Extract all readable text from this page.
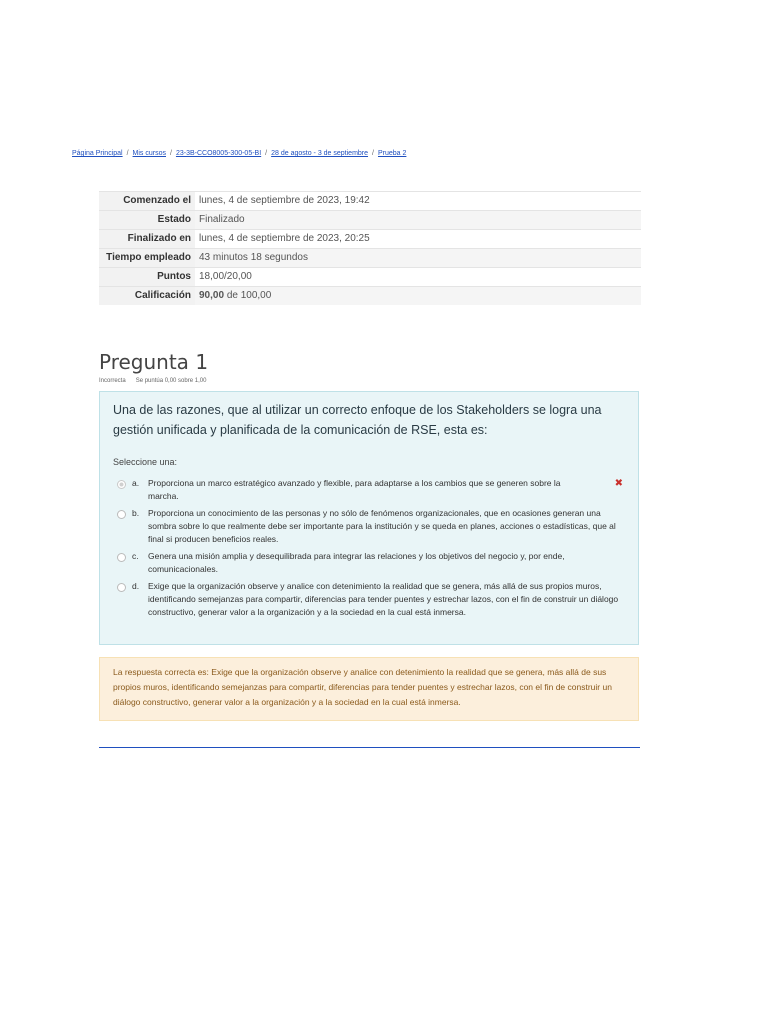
Página Principal / Mis cursos / 23-3B-CCO8005-300-05-BI / 28 de agosto - 3 de septiembre / Prueba 2
Comenzado el	lunes, 4 de septiembre de 2023, 19:42
Estado	Finalizado
Finalizado en	lunes, 4 de septiembre de 2023, 20:25
Tiempo empleado	43 minutos 18 segundos
Puntos	18,00/20,00
Calificación	90,00 de 100,00
Pregunta 1
Incorrecta Se puntúa 0,00 sobre 1,00
Una de las razones, que al utilizar un correcto enfoque de los Stakeholders se logra una gestión unificada y planificada de la comunicación de RSE, esta es:
Seleccione una:
a.	Proporciona un marco estratégico avanzado y flexible, para adaptarse a los cambios que se generen sobre la marcha.
✖
b.	Proporciona un conocimiento de las personas y no sólo de fenómenos organizacionales, que en ocasiones generan una sombra sobre lo que realmente debe ser importante para la institución y se queda en planes, acciones o estadísticas, que al final si producen beneficios reales.
c.	Genera una misión amplia y desequilibrada para integrar las relaciones y los objetivos del negocio y, por ende, comunicacionales.
d.	Exige que la organización observe y analice con detenimiento la realidad que se genera, más allá de sus propios muros, identificando semejanzas para compartir, diferencias para tender puentes y estrechar lazos, con el fin de construir un diálogo constructivo, generar valor a la organización y a la sociedad en la cual está inmersa.
La respuesta correcta es: Exige que la organización observe y analice con detenimiento la realidad que se genera, más allá de sus propios muros, identificando semejanzas para compartir, diferencias para tender puentes y estrechar lazos, con el fin de construir un diálogo constructivo, generar valor a la organización y a la sociedad en la cual está inmersa.
